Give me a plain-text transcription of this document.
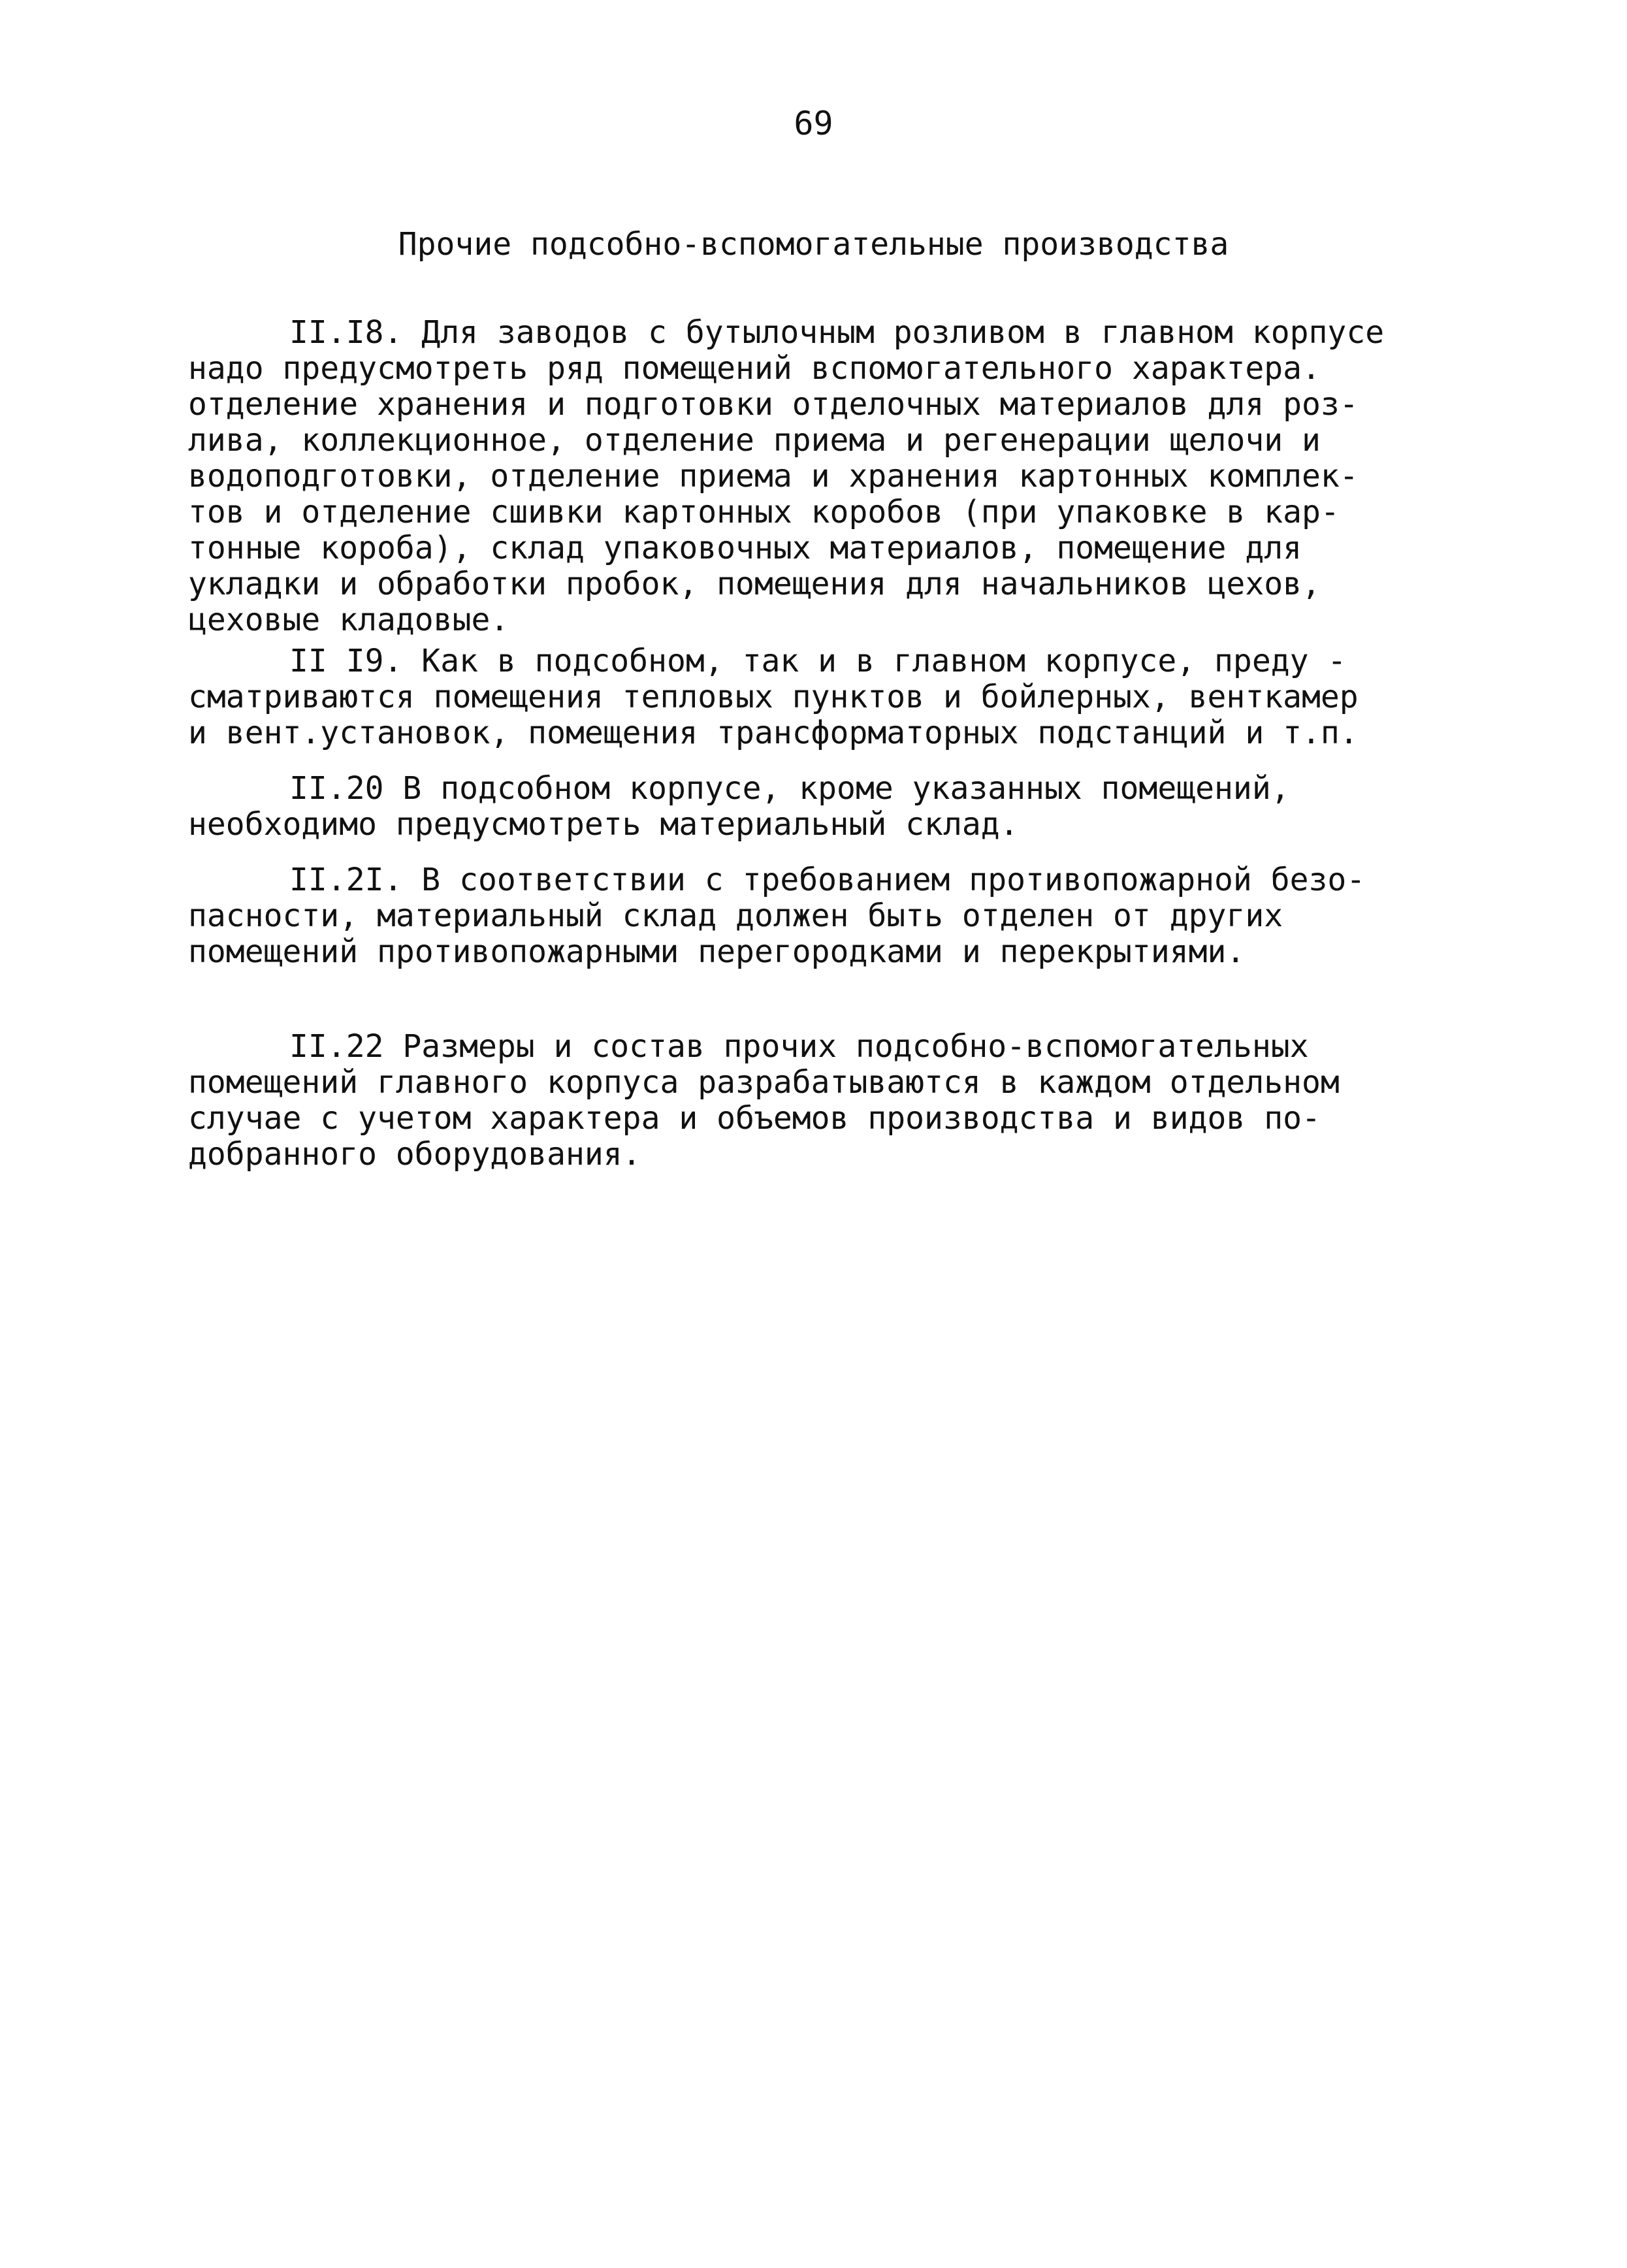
69
Прочие подсобно-вспомогательные производства
II.I8. Для заводов с бутылочным розливом в главном корпусе
надо предусмотреть ряд помещений вспомогательного характера.
отделение хранения и подготовки отделочных материалов для роз-
лива, коллекционное, отделение приема и регенерации щелочи и
водоподготовки, отделение приема и хранения картонных комплек-
тов и отделение сшивки картонных коробов (при упаковке в кар-
тонные короба), склад упаковочных материалов, помещение для
укладки и обработки пробок, помещения для начальников цехов,
цеховые кладовые.
II I9. Как в подсобном, так и в главном корпусе, преду -
сматриваются помещения тепловых пунктов и бойлерных, венткамер
и вент.установок, помещения трансформаторных подстанций и т.п.
II.20 В подсобном корпусе, кроме указанных помещений,
необходимо предусмотреть материальный склад.
II.2I. В соответствии с требованием противопожарной безо-
пасности, материальный склад должен быть отделен от других
помещений противопожарными перегородками и перекрытиями.
II.22 Размеры и состав прочих подсобно-вспомогательных
помещений главного корпуса разрабатываются в каждом отдельном
случае с учетом характера и объемов производства и видов по-
добранного оборудования.
